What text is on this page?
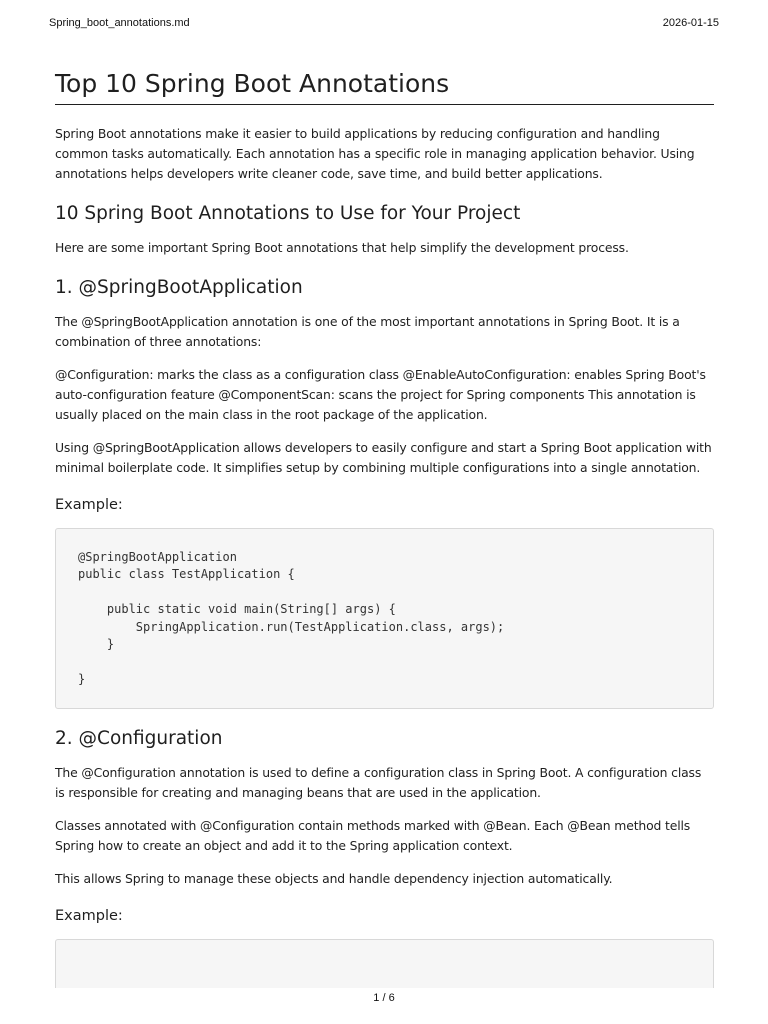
Spring_boot_annotations.md	2026-01-15
Top 10 Spring Boot Annotations

Spring Boot annotations make it easier to build applications by reducing configuration and handling common tasks automatically. Each annotation has a specific role in managing application behavior. Using annotations helps developers write cleaner code, save time, and build better applications.

10 Spring Boot Annotations to Use for Your Project

Here are some important Spring Boot annotations that help simplify the development process.

1. @SpringBootApplication

The @SpringBootApplication annotation is one of the most important annotations in Spring Boot. It is a combination of three annotations:

@Configuration: marks the class as a configuration class @EnableAutoConfiguration: enables Spring Boot's auto-configuration feature @ComponentScan: scans the project for Spring components This annotation is usually placed on the main class in the root package of the application.

Using @SpringBootApplication allows developers to easily configure and start a Spring Boot application with minimal boilerplate code. It simplifies setup by combining multiple configurations into a single annotation.

Example:
@SpringBootApplication
public class TestApplication {

public static void main(String[] args) {
SpringApplication.run(TestApplication.class, args);
}

}
2. @Configuration

The @Configuration annotation is used to define a configuration class in Spring Boot. A configuration class is responsible for creating and managing beans that are used in the application.

Classes annotated with @Configuration contain methods marked with @Bean. Each @Bean method tells Spring how to create an object and add it to the Spring application context.

This allows Spring to manage these objects and handle dependency injection automatically.

Example:
1 / 6
